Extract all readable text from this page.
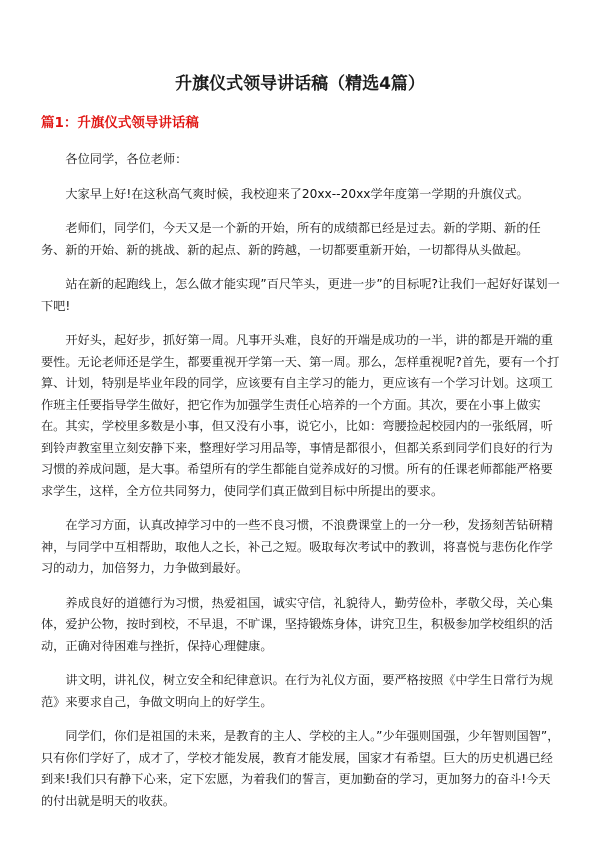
升旗仪式领导讲话稿（精选4篇）
篇1：升旗仪式领导讲话稿

各位同学，各位老师：

大家早上好!在这秋高气爽时候，我校迎来了20xx--20xx学年度第一学期的升旗仪式。

老师们，同学们，今天又是一个新的开始，所有的成绩都已经是过去。新的学期、新的任务、新的开始、新的挑战、新的起点、新的跨越，一切都要重新开始，一切都得从头做起。

站在新的起跑线上，怎么做才能实现”百尺竿头，更进一步”的目标呢?让我们一起好好谋划一下吧!

开好头，起好步，抓好第一周。凡事开头难，良好的开端是成功的一半，讲的都是开端的重要性。无论老师还是学生，都要重视开学第一天、第一周。那么，怎样重视呢?首先，要有一个打算、计划，特别是毕业年段的同学，应该要有自主学习的能力，更应该有一个学习计划。这项工作班主任要指导学生做好，把它作为加强学生责任心培养的一个方面。其次，要在小事上做实在。其实，学校里多数是小事，但又没有小事，说它小，比如：弯腰捡起校园内的一张纸屑，听到铃声教室里立刻安静下来，整理好学习用品等，事情是都很小，但都关系到同学们良好的行为习惯的养成问题，是大事。希望所有的学生都能自觉养成好的习惯。所有的任课老师都能严格要求学生，这样，全方位共同努力，使同学们真正做到目标中所提出的要求。

在学习方面，认真改掉学习中的一些不良习惯，不浪费课堂上的一分一秒，发扬刻苦钻研精神，与同学中互相帮助，取他人之长，补己之短。吸取每次考试中的教训，将喜悦与悲伤化作学习的动力，加倍努力，力争做到最好。

养成良好的道德行为习惯，热爱祖国，诚实守信，礼貌待人，勤劳俭朴，孝敬父母，关心集体，爱护公物，按时到校，不早退，不旷课，坚持锻炼身体，讲究卫生，积极参加学校组织的活动，正确对待困难与挫折，保持心理健康。

讲文明，讲礼仪，树立安全和纪律意识。在行为礼仪方面，要严格按照《中学生日常行为规范》来要求自己，争做文明向上的好学生。

同学们，你们是祖国的未来，是教育的主人、学校的主人。”少年强则国强，少年智则国智”，只有你们学好了，成才了，学校才能发展，教育才能发展，国家才有希望。巨大的历史机遇已经到来!我们只有静下心来，定下宏愿，为着我们的誓言，更加勤奋的学习，更加努力的奋斗!今天的付出就是明天的收获。
